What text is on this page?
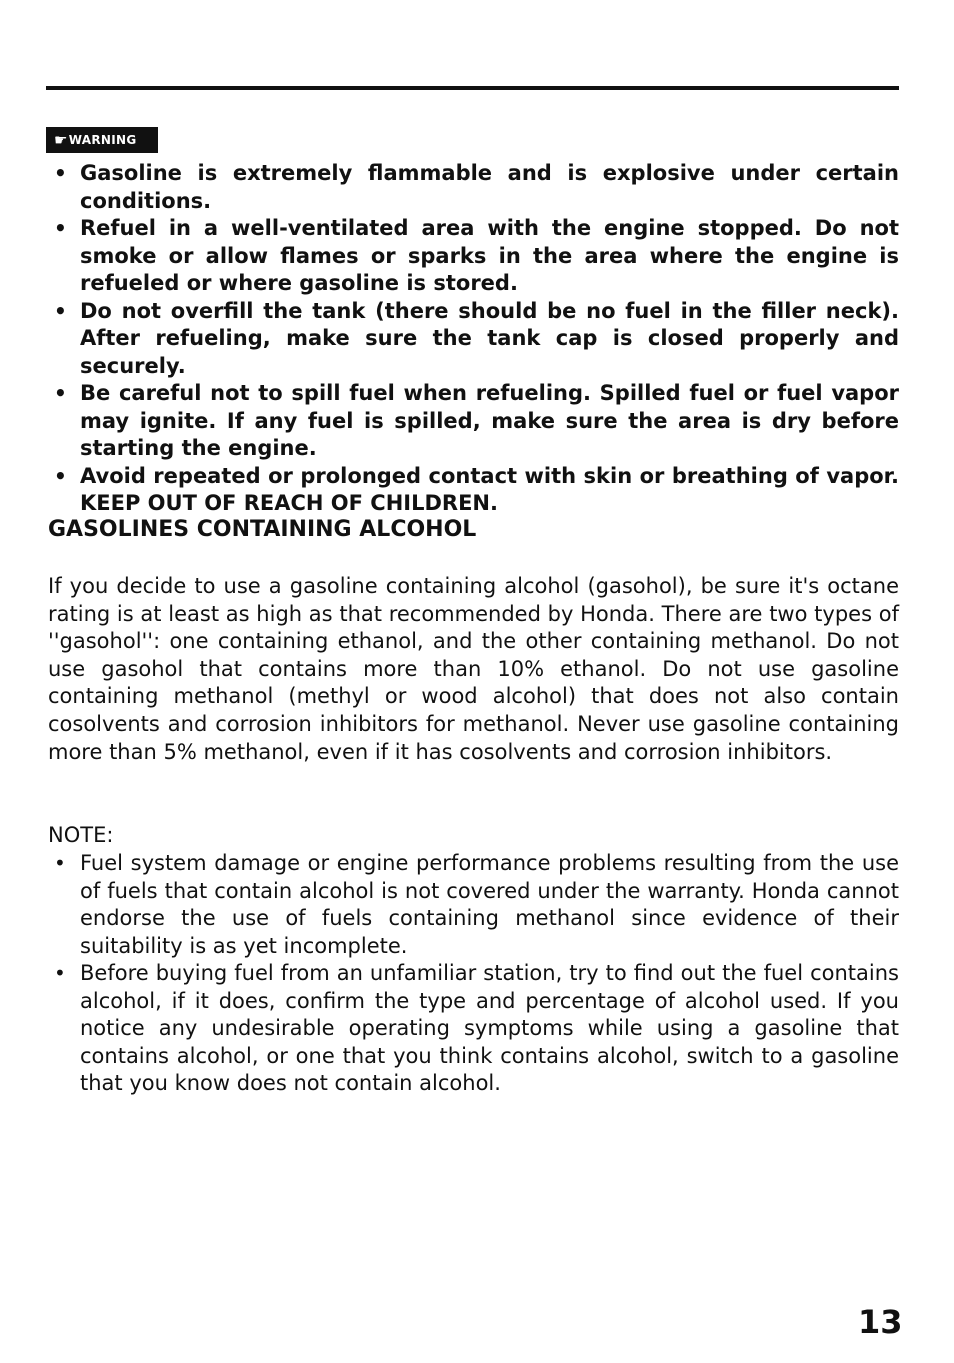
☛ WARNING
• Gasoline is extremely flammable and is explosive under certain conditions.
• Refuel in a well-ventilated area with the engine stopped. Do not smoke or allow flames or sparks in the area where the engine is refueled or where gasoline is stored.
• Do not overfill the tank (there should be no fuel in the filler neck). After refueling, make sure the tank cap is closed properly and securely.
• Be careful not to spill fuel when refueling. Spilled fuel or fuel vapor may ignite. If any fuel is spilled, make sure the area is dry before starting the engine.
• Avoid repeated or prolonged contact with skin or breathing of vapor. KEEP OUT OF REACH OF CHILDREN.
GASOLINES CONTAINING ALCOHOL

If you decide to use a gasoline containing alcohol (gasohol), be sure it's octane rating is at least as high as that recommended by Honda. There are two types of ''gasohol'': one containing ethanol, and the other containing methanol. Do not use gasohol that contains more than 10% ethanol. Do not use gasoline containing methanol (methyl or wood alcohol) that does not also contain cosolvents and corrosion inhibitors for methanol. Never use gasoline containing more than 5% methanol, even if it has cosolvents and corrosion inhibitors.

NOTE:

• Fuel system damage or engine performance problems resulting from the use of fuels that contain alcohol is not covered under the warranty. Honda cannot endorse the use of fuels containing methanol since evidence of their suitability is as yet incomplete.
• Before buying fuel from an unfamiliar station, try to find out the fuel contains alcohol, if it does, confirm the type and percentage of alcohol used. If you notice any undesirable operating symptoms while using a gasoline that contains alcohol, or one that you think contains alcohol, switch to a gasoline that you know does not contain alcohol.

13
